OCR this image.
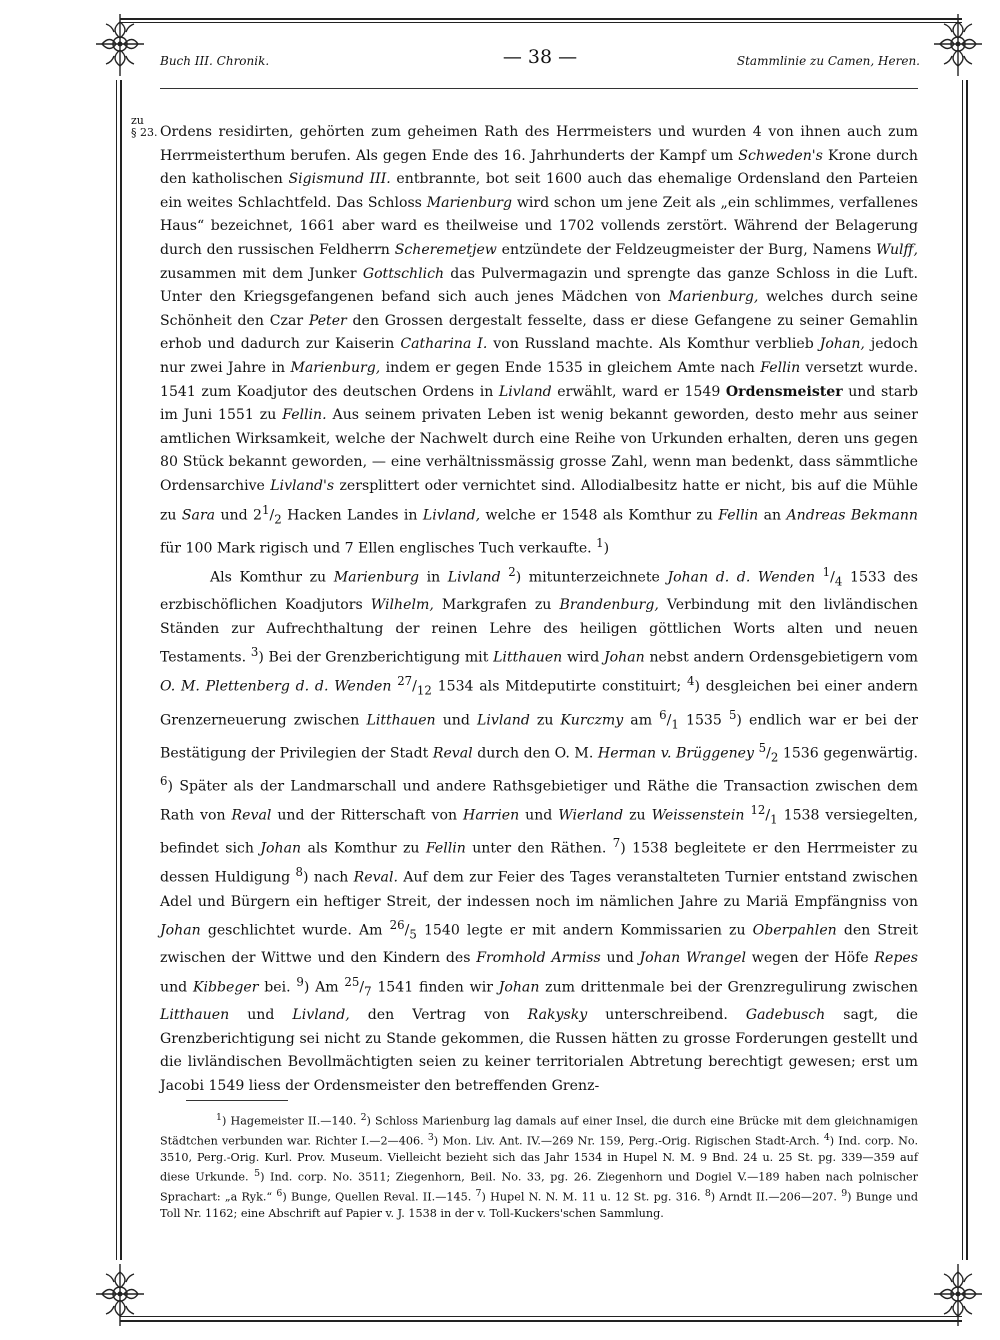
Buch III. Chronik.	— 38 —	Stammlinie zu Camen, Heren.
zu
§ 23. Ordens residirten, gehörten zum geheimen Rath des Herrmeisters und wurden 4 von ihnen auch zum Herrmeisterthum berufen. Als gegen Ende des 16. Jahrhunderts der Kampf um Schweden's Krone durch den katholischen Sigismund III. entbrannte, bot seit 1600 auch das ehemalige Ordensland den Parteien ein weites Schlachtfeld. Das Schloss Marienburg wird schon um jene Zeit als „ein schlimmes, verfallenes Haus“ bezeichnet, 1661 aber ward es theilweise und 1702 vollends zerstört. Während der Belagerung durch den russischen Feldherrn Scheremetjew entzündete der Feldzeugmeister der Burg, Namens Wulff, zusammen mit dem Junker Gottschlich das Pulvermagazin und sprengte das ganze Schloss in die Luft. Unter den Kriegsgefangenen befand sich auch jenes Mädchen von Marienburg, welches durch seine Schönheit den Czar Peter den Grossen dergestalt fesselte, dass er diese Gefangene zu seiner Gemahlin erhob und dadurch zur Kaiserin Catharina I. von Russland machte. Als Komthur verblieb Johan, jedoch nur zwei Jahre in Marienburg, indem er gegen Ende 1535 in gleichem Amte nach Fellin versetzt wurde. 1541 zum Koadjutor des deutschen Ordens in Livland erwählt, ward er 1549 Ordensmeister und starb im Juni 1551 zu Fellin. Aus seinem privaten Leben ist wenig bekannt geworden, desto mehr aus seiner amtlichen Wirksamkeit, welche der Nachwelt durch eine Reihe von Urkunden erhalten, deren uns gegen 80 Stück bekannt geworden, — eine verhältnissmässig grosse Zahl, wenn man bedenkt, dass sämmtliche Ordensarchive Livland's zersplittert oder vernichtet sind. Allodialbesitz hatte er nicht, bis auf die Mühle zu Sara und $2^1/_2$ Hacken Landes in Livland, welche er 1548 als Komthur zu Fellin an Andreas Bekmann für 100 Mark rigisch und 7 Ellen englisches Tuch verkaufte. $^1$)

Als Komthur zu Marienburg in Livland $^2$) mitunterzeichnete Johan d. d. Wenden $^1/_4$ 1533 des erzbischöflichen Koadjutors Wilhelm, Markgrafen zu Brandenburg, Verbindung mit den livländischen Ständen zur Aufrechthaltung der reinen Lehre des heiligen göttlichen Worts alten und neuen Testaments. $^3$) Bei der Grenzberichtigung mit Litthauen wird Johan nebst andern Ordensgebietigern vom O. M. Plettenberg d. d. Wenden $^{27}/_{12}$ 1534 als Mitdeputirte constituirt; $^4$) desgleichen bei einer andern Grenzerneuerung zwischen Litthauen und Livland zu Kurczmy am $^6/_1$ 1535 $^5$) endlich war er bei der Bestätigung der Privilegien der Stadt Reval durch den O. M. Herman v. Brüggeney $^5/_2$ 1536 gegenwärtig. $^6$) Später als der Landmarschall und andere Rathsgebietiger und Räthe die Transaction zwischen dem Rath von Reval und der Ritterschaft von Harrien und Wierland zu Weissenstein $^{12}/_1$ 1538 versiegelten, befindet sich Johan als Komthur zu Fellin unter den Räthen. $^7$) 1538 begleitete er den Herrmeister zu dessen Huldigung $^8$) nach Reval. Auf dem zur Feier des Tages veranstalteten Turnier entstand zwischen Adel und Bürgern ein heftiger Streit, der indessen noch im nämlichen Jahre zu Mariä Empfängniss von Johan geschlichtet wurde. Am $^{26}/_5$ 1540 legte er mit andern Kommissarien zu Oberpahlen den Streit zwischen der Wittwe und den Kindern des Fromhold Armiss und Johan Wrangel wegen der Höfe Repes und Kibbeger bei. $^9$) Am $^{25}/_7$ 1541 finden wir Johan zum drittenmale bei der Grenzregulirung zwischen Litthauen und Livland, den Vertrag von Rakysky unterschreibend. Gadebusch sagt, die Grenzberichtigung sei nicht zu Stande gekommen, die Russen hätten zu grosse Forderungen gestellt und die livländischen Bevollmächtigten seien zu keiner territorialen Abtretung berechtigt gewesen; erst um Jacobi 1549 liess der Ordensmeister den betreffenden Grenz-

$^1$) Hagemeister II.—140. $^2$) Schloss Marienburg lag damals auf einer Insel, die durch eine Brücke mit dem gleichnamigen Städtchen verbunden war. Richter I.—2—406. $^3$) Mon. Liv. Ant. IV.—269 Nr. 159, Perg.-Orig. Rigischen Stadt-Arch. $^4$) Ind. corp. No. 3510, Perg.-Orig. Kurl. Prov. Museum. Vielleicht bezieht sich das Jahr 1534 in Hupel N. M. 9 Bnd. 24 u. 25 St. pg. 339—359 auf diese Urkunde. $^5$) Ind. corp. No. 3511; Ziegenhorn, Beil. No. 33, pg. 26. Ziegenhorn und Dogiel V.—189 haben nach polnischer Sprachart: „a Ryk.“ $^6$) Bunge, Quellen Reval. II.—145. $^7$) Hupel N. N. M. 11 u. 12 St. pg. 316. $^8$) Arndt II.—206—207. $^9$) Bunge und Toll Nr. 1162; eine Abschrift auf Papier v. J. 1538 in der v. Toll-Kuckers'schen Sammlung.
